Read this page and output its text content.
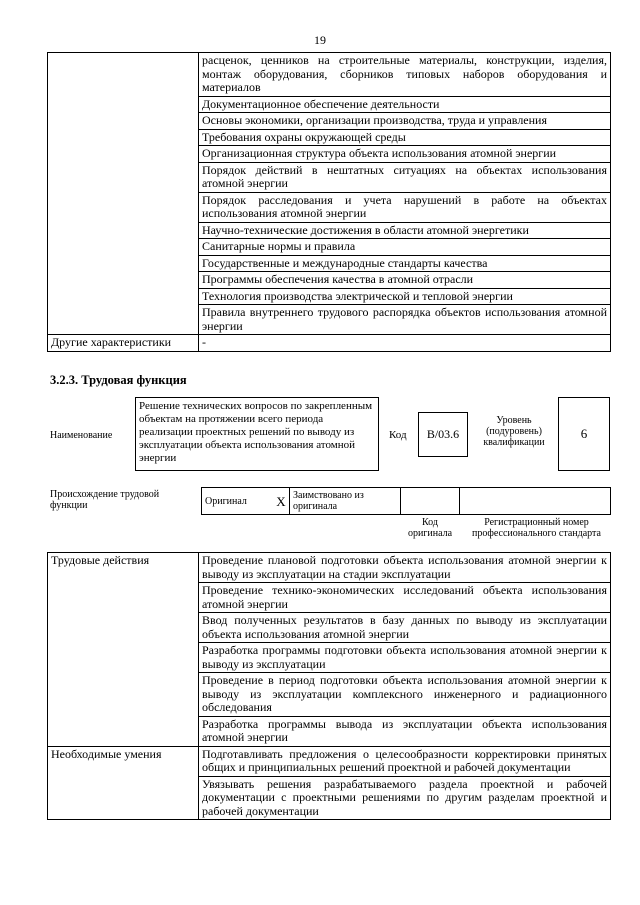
19
	расценок, ценников на строительные материалы, конструкции, изделия, монтаж оборудования, сборников типовых наборов оборудования и материалов
	Документационное обеспечение деятельности
	Основы экономики, организации производства, труда и управления
	Требования охраны окружающей среды
	Организационная структура объекта использования атомной энергии
	Порядок действий в нештатных ситуациях на объектах использования атомной энергии
	Порядок расследования и учета нарушений в работе на объектах использования атомной энергии
	Научно-технические достижения в области атомной энергетики
	Санитарные нормы и правила
	Государственные и международные стандарты качества
	Программы обеспечения качества в атомной отрасли
	Технология производства электрической и тепловой энергии
	Правила внутреннего трудового распорядка объектов использования атомной энергии
Другие характеристики	-
3.2.3. Трудовая функция
Наименование
Решение технических вопросов по закрепленным объектам на протяжении всего периода реализации проектных решений по выводу из эксплуатации объекта использования атомной энергии
Код	B/03.6
Уровень (подуровень) квалификации
6
Происхождение трудовой функции	Оригинал	X	Заимствовано из оригинала		
Код оригинала
Регистрационный номер профессионального стандарта
Трудовые действия	Проведение плановой подготовки объекта использования атомной энергии к выводу из эксплуатации на стадии эксплуатации
	Проведение технико-экономических исследований объекта использования атомной энергии
	Ввод полученных результатов в базу данных по выводу из эксплуатации объекта использования атомной энергии
	Разработка программы подготовки объекта использования атомной энергии к выводу из эксплуатации
	Проведение в период подготовки объекта использования атомной энергии к выводу из эксплуатации комплексного инженерного и радиационного обследования
	Разработка программы вывода из эксплуатации объекта использования атомной энергии
Необходимые умения	Подготавливать предложения о целесообразности корректировки принятых общих и принципиальных решений проектной и рабочей документации
	Увязывать решения разрабатываемого раздела проектной и рабочей документации с проектными решениями по другим разделам проектной и рабочей документации
